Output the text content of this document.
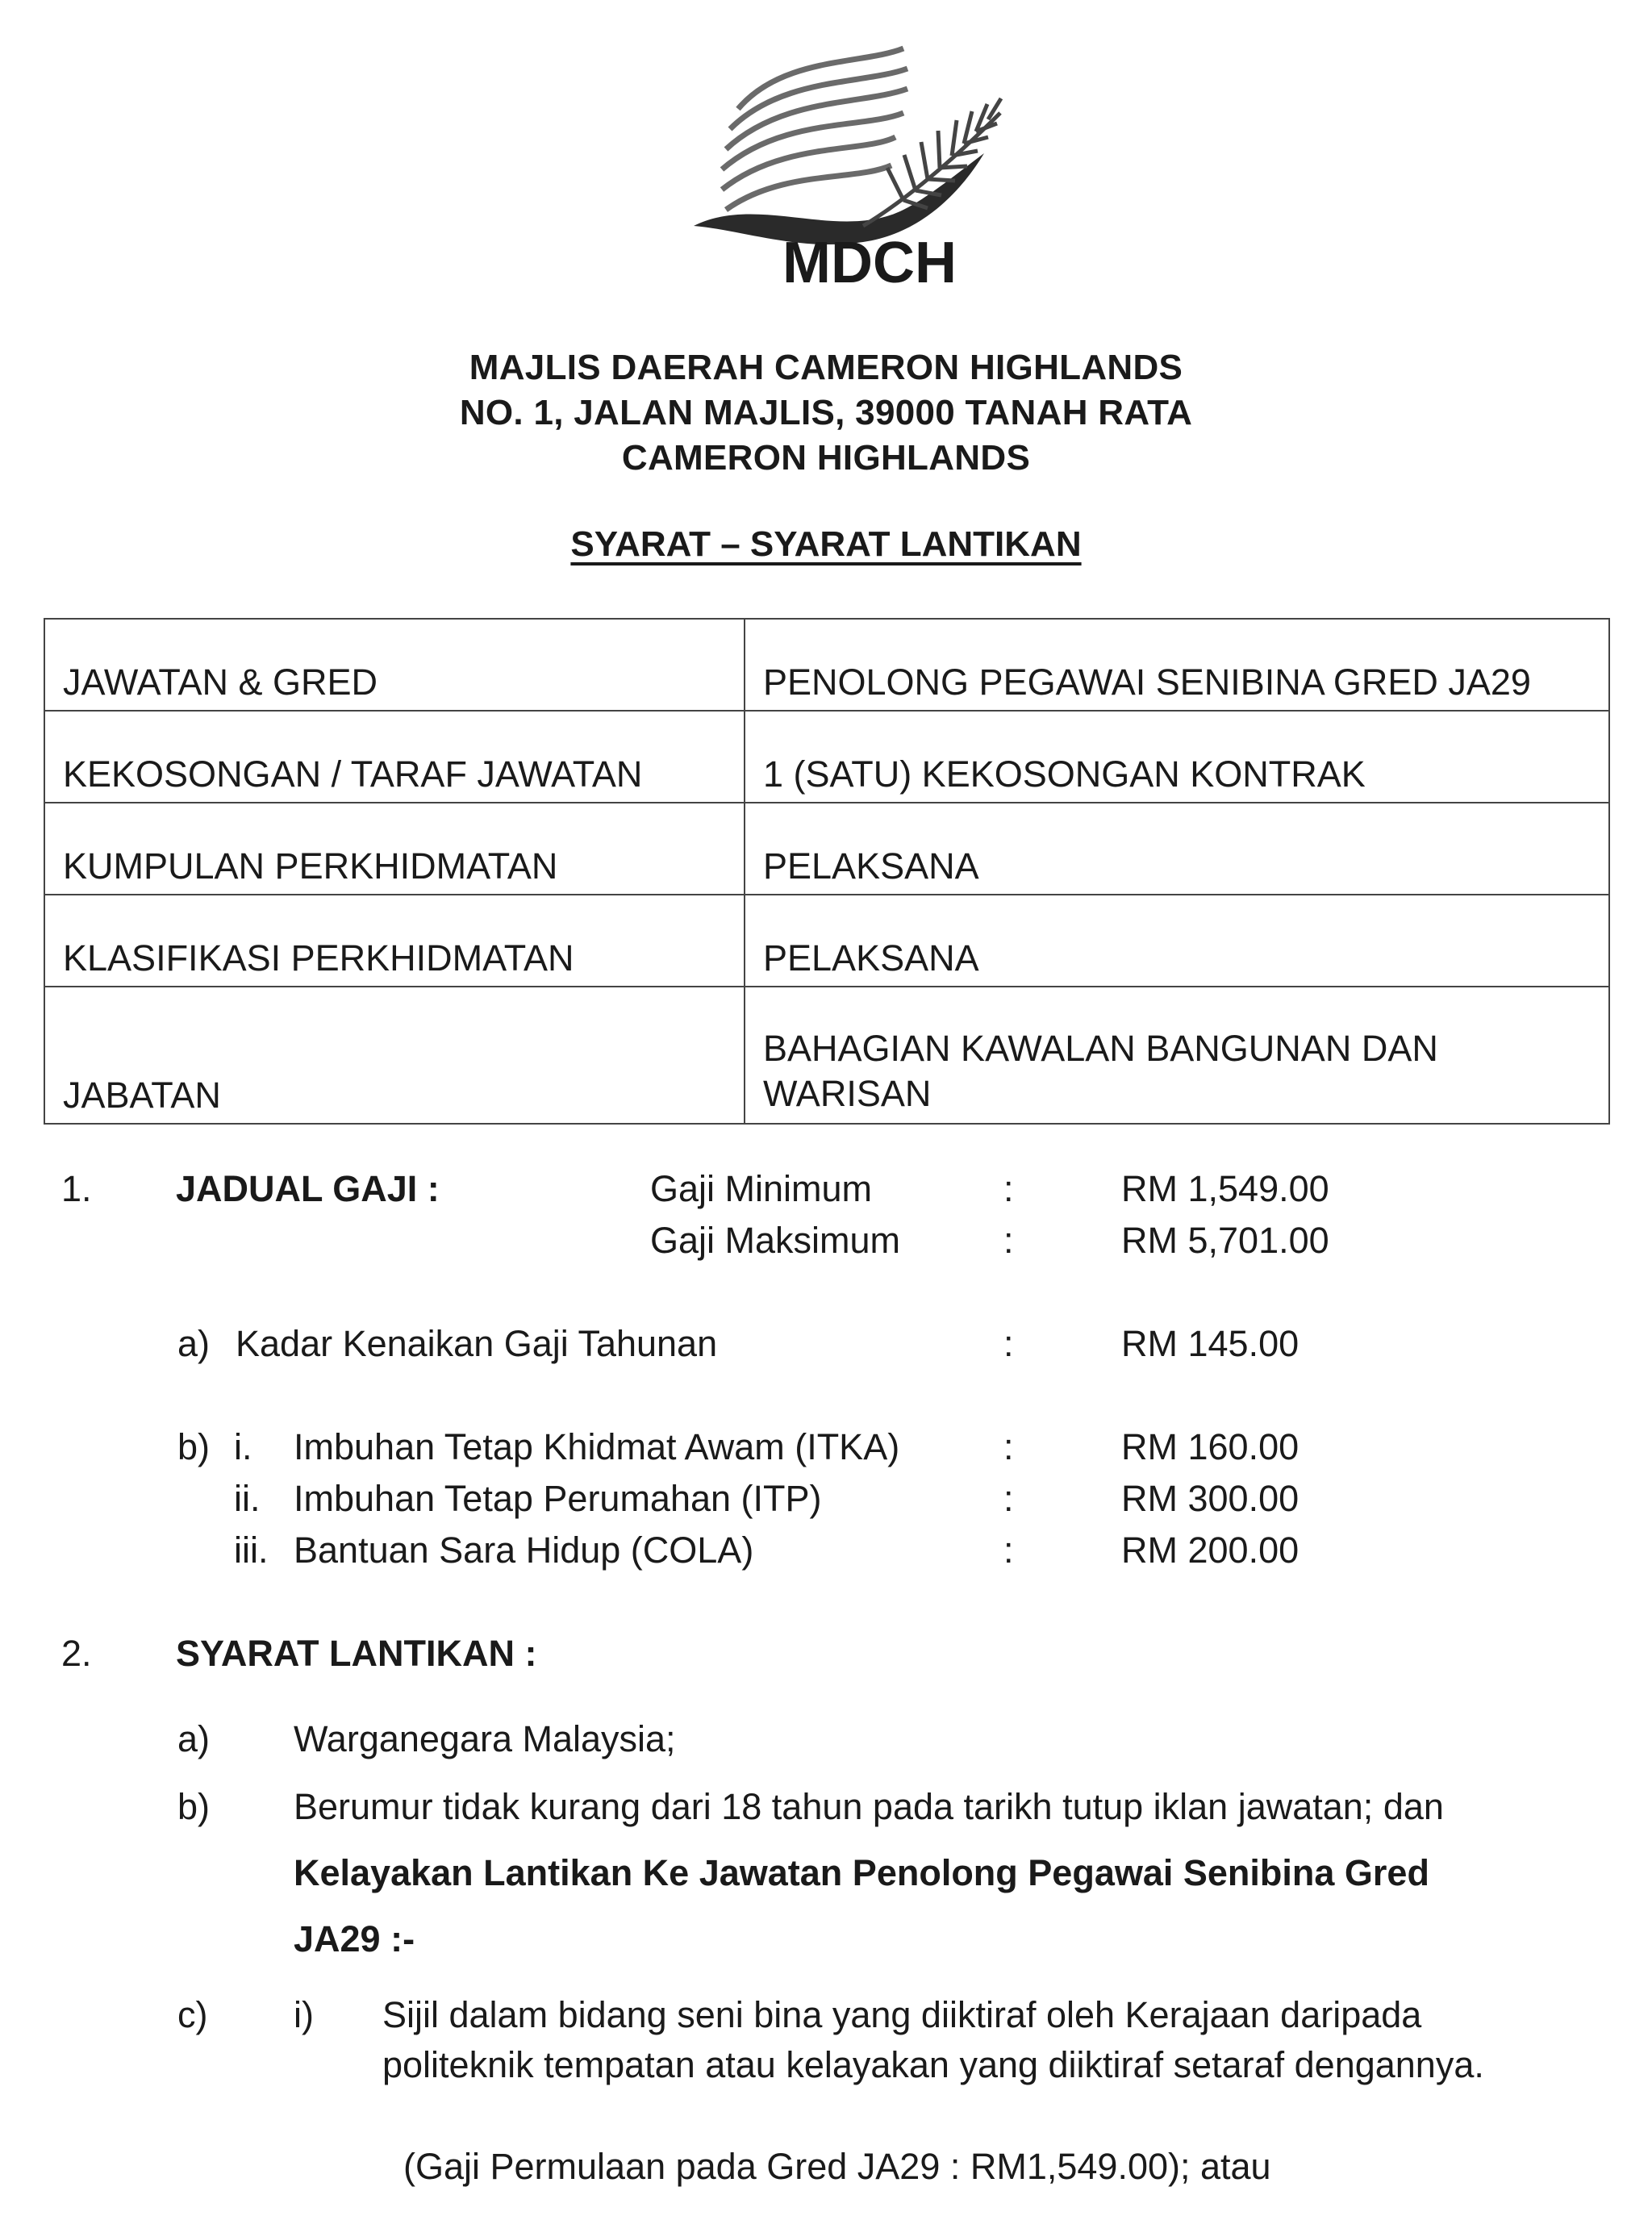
MDCH
MAJLIS DAERAH CAMERON HIGHLANDS
NO. 1, JALAN MAJLIS, 39000 TANAH RATA
CAMERON HIGHLANDS
SYARAT – SYARAT LANTIKAN
JAWATAN & GRED	PENOLONG PEGAWAI SENIBINA GRED JA29
KEKOSONGAN / TARAF JAWATAN	1 (SATU) KEKOSONGAN KONTRAK
KUMPULAN PERKHIDMATAN	PELAKSANA
KLASIFIKASI PERKHIDMATAN	PELAKSANA
JABATAN	BAHAGIAN KAWALAN BANGUNAN DAN WARISAN
1. JADUAL GAJI :	Gaji Minimum	:	RM 1,549.00
Gaji Maksimum	:	RM 5,701.00
a) Kadar Kenaikan Gaji Tahunan	:	RM 145.00
b) i. Imbuhan Tetap Khidmat Awam (ITKA)	:	RM 160.00
ii. Imbuhan Tetap Perumahan (ITP)	:	RM 300.00
iii. Bantuan Sara Hidup (COLA)	:	RM 200.00
2. SYARAT LANTIKAN :
a) Warganegara Malaysia;
b) Berumur tidak kurang dari 18 tahun pada tarikh tutup iklan jawatan; dan
Kelayakan Lantikan Ke Jawatan Penolong Pegawai Senibina Gred
JA29 :-
c) i) Sijil dalam bidang seni bina yang diiktiraf oleh Kerajaan daripada
politeknik tempatan atau kelayakan yang diiktiraf setaraf dengannya.
(Gaji Permulaan pada Gred JA29 : RM1,549.00); atau
